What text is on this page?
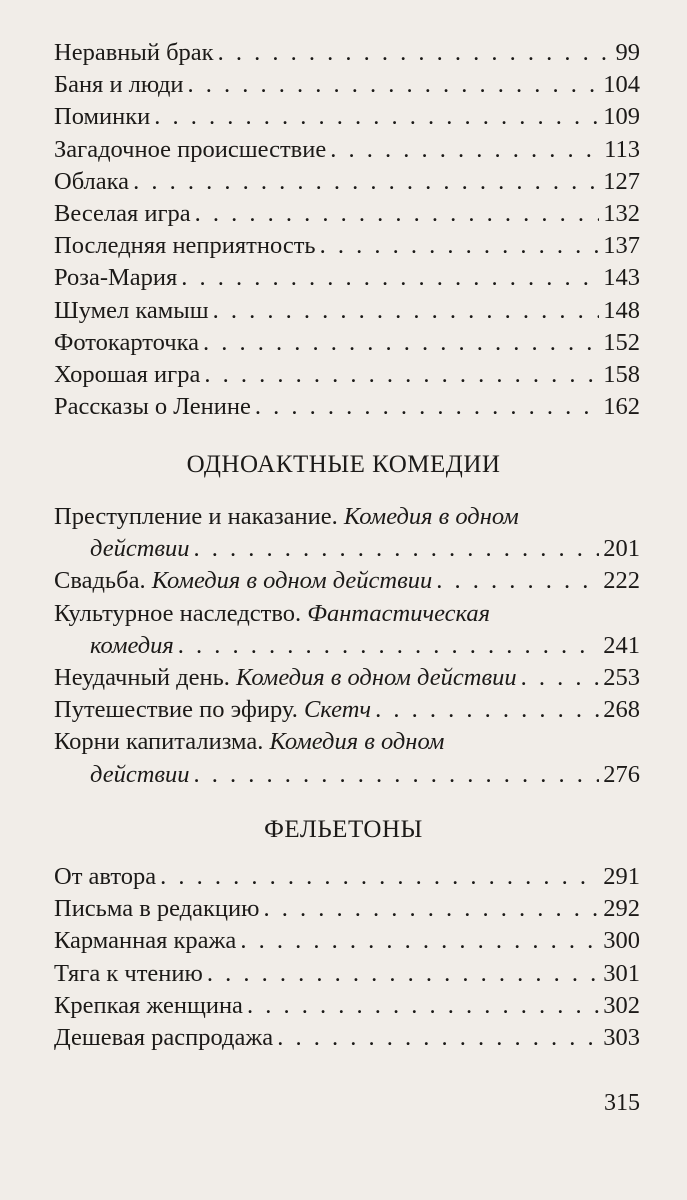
Неравный брак . . .	99
Баня и люди . . .	104
Поминки . . .	109
Загадочное происшествие . . .	113
Облака . . .	127
Веселая игра . . .	132
Последняя неприятность . . .	137
Роза-Мария . . .	143
Шумел камыш . . .	148
Фотокарточка . . .	152
Хорошая игра . . .	158
Рассказы о Ленине . . .	162
ОДНОАКТНЫЕ КОМЕДИИ
Преступление и наказание. Комедия в одном
действии . . .	201
Свадьба. Комедия в одном действии . . .	222
Культурное наследство. Фантастическая
комедия . . .	241
Неудачный день. Комедия в одном действии . . .	253
Путешествие по эфиру. Скетч . . .	268
Корни капитализма. Комедия в одном
действии . . .	276
ФЕЛЬЕТОНЫ
От автора . . .	291
Письма в редакцию . . .	292
Карманная кража . . .	300
Тяга к чтению . . .	301
Крепкая женщина . . .	302
Дешевая распродажа . . .	303
315
